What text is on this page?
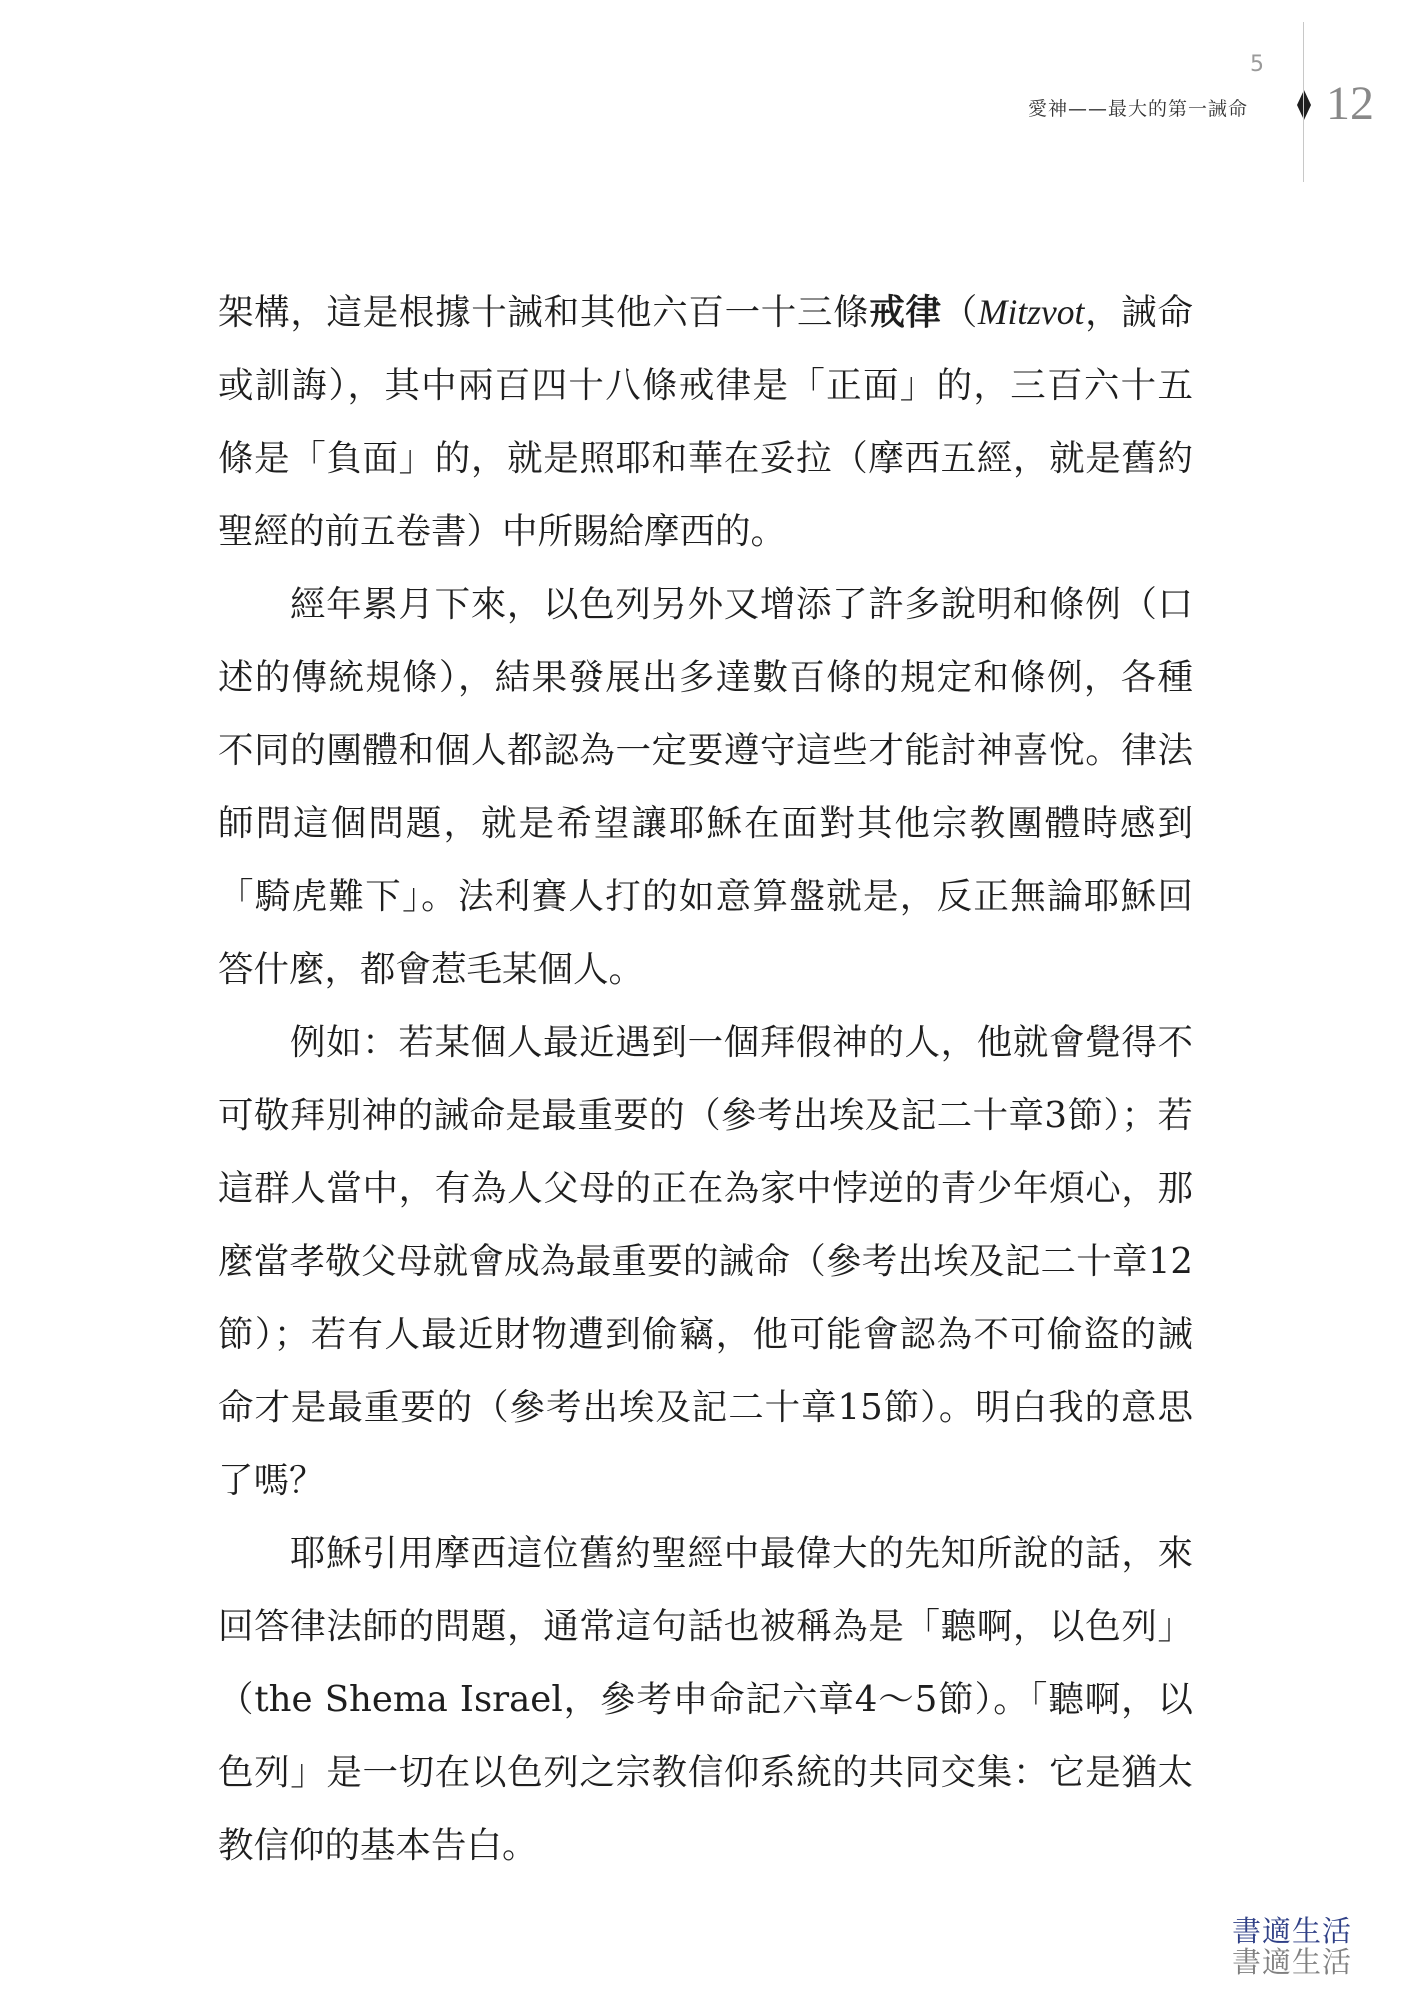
5
愛神——最大的第一誡命 12

架構，這是根據十誡和其他六百一十三條戒律（Mitzvot，誡命或訓誨），其中兩百四十八條戒律是「正面」的，三百六十五條是「負面」的，就是照耶和華在妥拉（摩西五經，就是舊約聖經的前五卷書）中所賜給摩西的。

經年累月下來，以色列另外又增添了許多說明和條例（口述的傳統規條），結果發展出多達數百條的規定和條例，各種不同的團體和個人都認為一定要遵守這些才能討神喜悅。律法師問這個問題，就是希望讓耶穌在面對其他宗教團體時感到「騎虎難下」。法利賽人打的如意算盤就是，反正無論耶穌回答什麼，都會惹毛某個人。

例如：若某個人最近遇到一個拜假神的人，他就會覺得不可敬拜別神的誡命是最重要的（參考出埃及記二十章3節）；若這群人當中，有為人父母的正在為家中悖逆的青少年煩心，那麼當孝敬父母就會成為最重要的誡命（參考出埃及記二十章12節）；若有人最近財物遭到偷竊，他可能會認為不可偷盜的誡命才是最重要的（參考出埃及記二十章15節）。明白我的意思了嗎？

耶穌引用摩西這位舊約聖經中最偉大的先知所說的話，來回答律法師的問題，通常這句話也被稱為是「聽啊，以色列」（the Shema Israel，參考申命記六章4～5節）。「聽啊，以色列」是一切在以色列之宗教信仰系統的共同交集：它是猶太教信仰的基本告白。

書適生活
書適生活
